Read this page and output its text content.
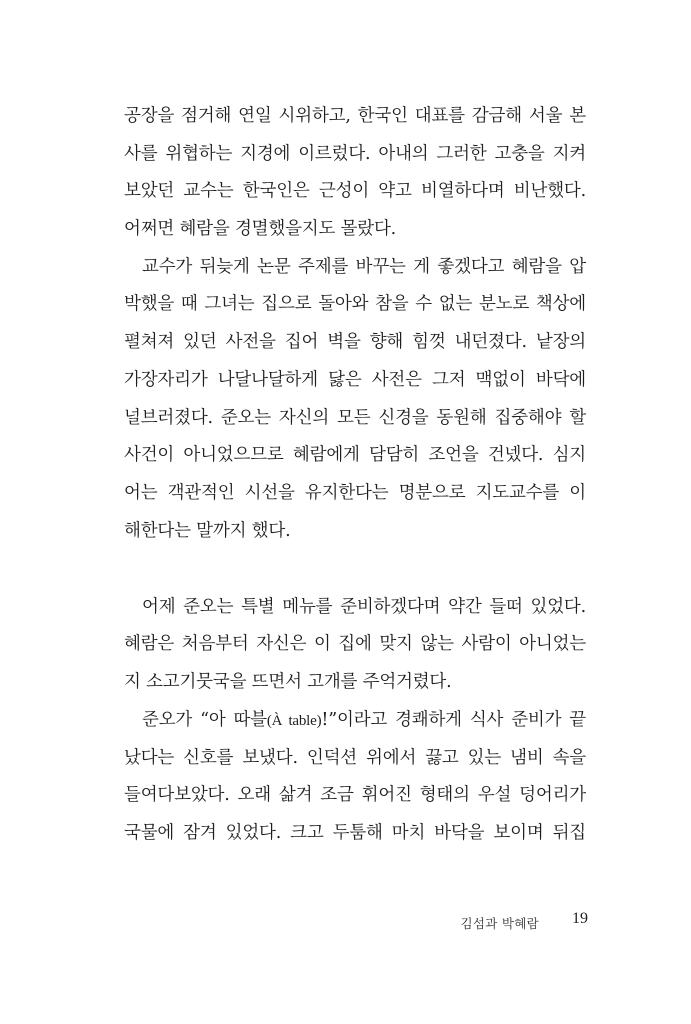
공장을 점거해 연일 시위하고, 한국인 대표를 감금해 서울 본
사를 위협하는 지경에 이르렀다. 아내의 그러한 고충을 지켜
보았던 교수는 한국인은 근성이 약고 비열하다며 비난했다.
어쩌면 혜람을 경멸했을지도 몰랐다.
교수가 뒤늦게 논문 주제를 바꾸는 게 좋겠다고 혜람을 압
박했을 때 그녀는 집으로 돌아와 참을 수 없는 분노로 책상에
펼쳐져 있던 사전을 집어 벽을 향해 힘껏 내던졌다. 낱장의
가장자리가 나달나달하게 닳은 사전은 그저 맥없이 바닥에
널브러졌다. 준오는 자신의 모든 신경을 동원해 집중해야 할
사건이 아니었으므로 혜람에게 담담히 조언을 건넸다. 심지
어는 객관적인 시선을 유지한다는 명분으로 지도교수를 이
해한다는 말까지 했다.
어제 준오는 특별 메뉴를 준비하겠다며 약간 들떠 있었다.
혜람은 처음부터 자신은 이 집에 맞지 않는 사람이 아니었는
지 소고기뭇국을 뜨면서 고개를 주억거렸다.
준오가 “아 따블(À table)!”이라고 경쾌하게 식사 준비가 끝
났다는 신호를 보냈다. 인덕션 위에서 끓고 있는 냄비 속을
들여다보았다. 오래 삶겨 조금 휘어진 형태의 우설 덩어리가
국물에 잠겨 있었다. 크고 두툼해 마치 바닥을 보이며 뒤집
김섬과 박혜람 19
